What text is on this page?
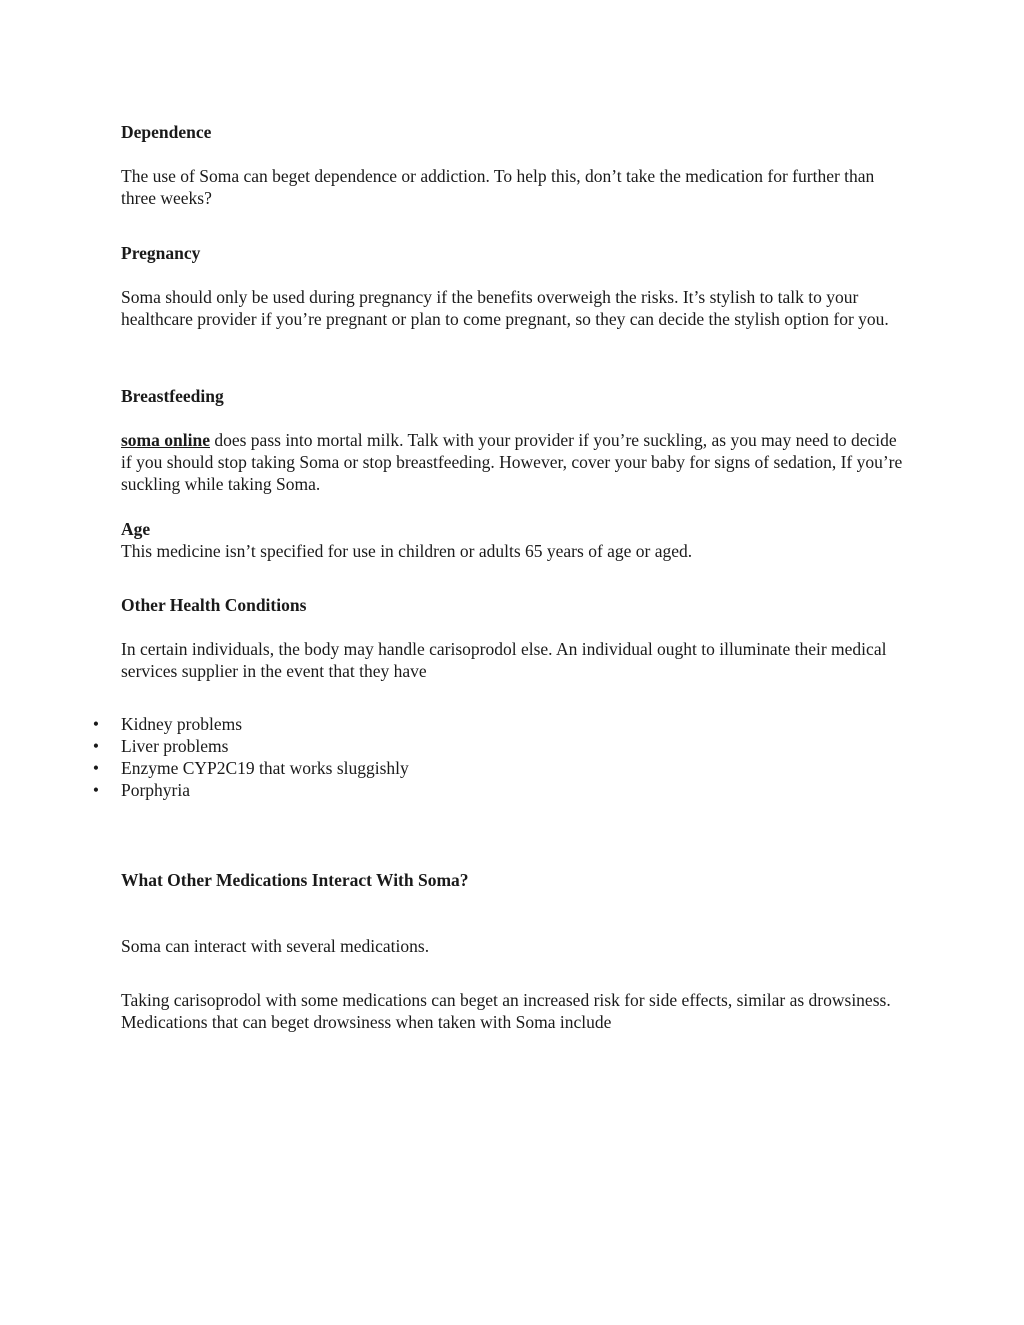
Dependence

The use of Soma can beget dependence or addiction. To help this, don’t take the medication for further than three weeks?

Pregnancy

Soma should only be used during pregnancy if the benefits overweigh the risks. It’s stylish to talk to your healthcare provider if you’re pregnant or plan to come pregnant, so they can decide the stylish option for you.

Breastfeeding

soma online does pass into mortal milk. Talk with your provider if you’re suckling, as you may need to decide if you should stop taking Soma or stop breastfeeding. However, cover your baby for signs of sedation, If you’re suckling while taking Soma.

Age

This medicine isn’t specified for use in children or adults 65 years of age or aged.

Other Health Conditions

In certain individuals, the body may handle carisoprodol else. An individual ought to illuminate their medical services supplier in the event that they have

• Kidney problems
• Liver problems
• Enzyme CYP2C19 that works sluggishly
• Porphyria
What Other Medications Interact With Soma?

Soma can interact with several medications.

Taking carisoprodol with some medications can beget an increased risk for side effects, similar as drowsiness. Medications that can beget drowsiness when taken with Soma include
